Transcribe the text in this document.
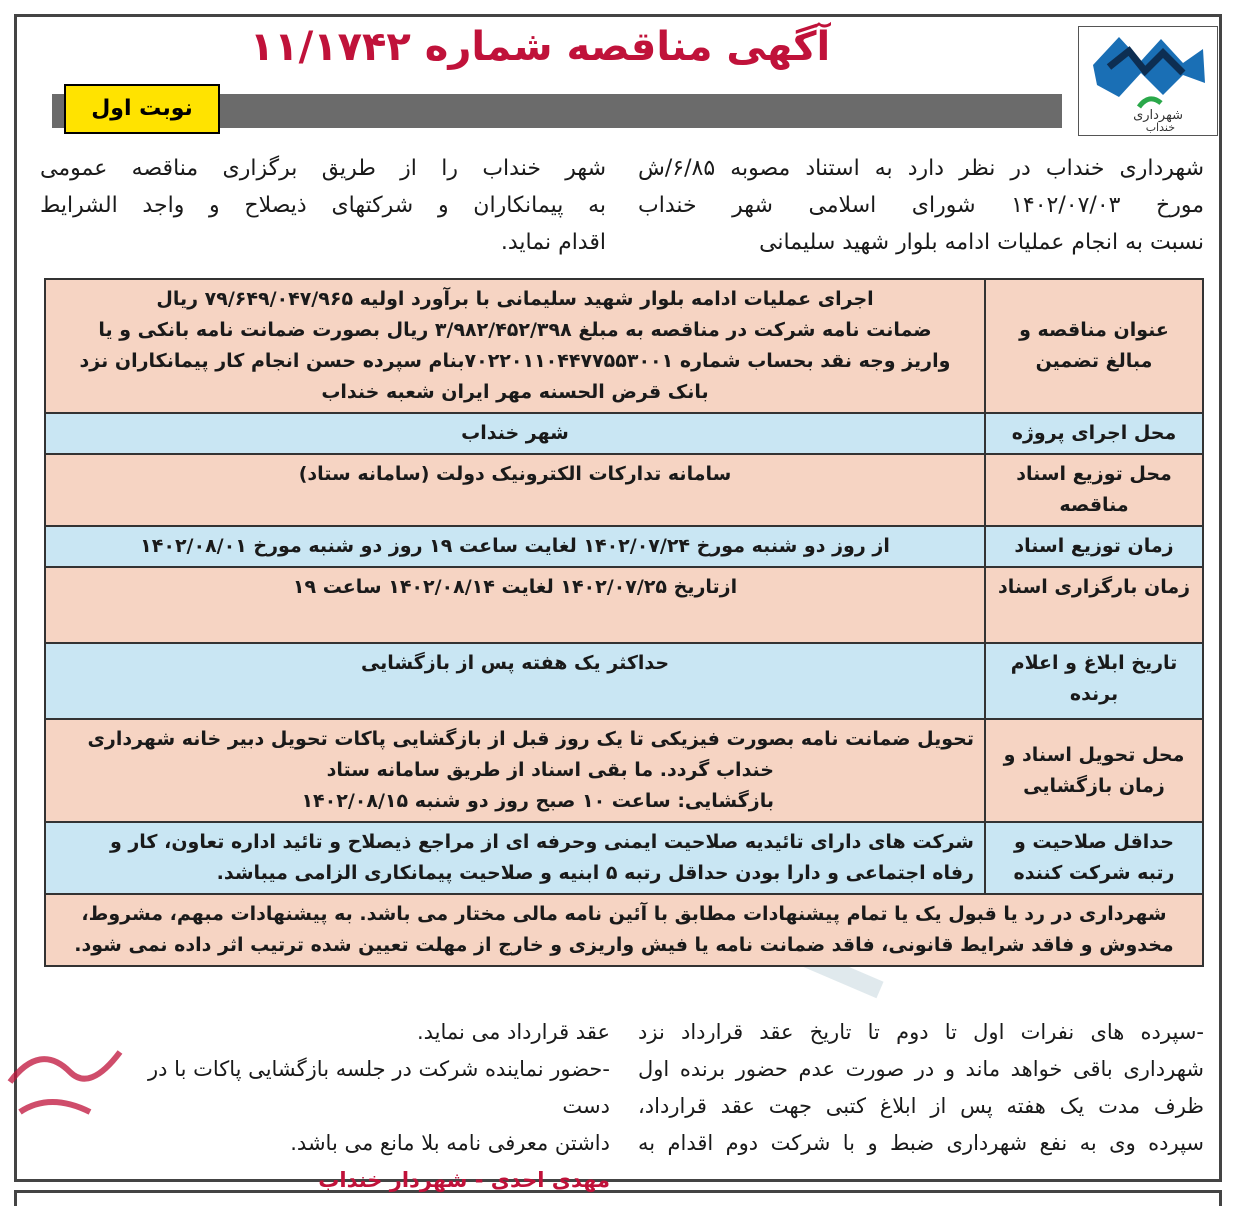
شهرداری
خنداب
آگهی مناقصه شماره ۱۱/۱۷۴۲
نوبت اول
شهرداری خنداب در نظر دارد به استناد مصوبه ۶/۸۵/ش
مورخ ۱۴۰۲/۰۷/۰۳ شورای اسلامی شهر خنداب
نسبت به انجام عملیات ادامه بلوار شهید سلیمانی
شهر خنداب را از طریق برگزاری مناقصه عمومی
به پیمانکاران و شرکتهای ذیصلاح و واجد الشرایط
اقدام نماید.
عنوان مناقصه و مبالغ تضمین	اجرای عملیات ادامه بلوار شهید سلیمانی با برآورد اولیه ۷۹/۶۴۹/۰۴۷/۹۶۵ ریال
ضمانت نامه شرکت در مناقصه به مبلغ ۳/۹۸۲/۴۵۲/۳۹۸ ریال بصورت ضمانت نامه بانکی و یا
واریز وجه نقد بحساب شماره ۷۰۲۲۰۱۱۰۴۴۷۷۵۵۳۰۰۱بنام سپرده حسن انجام کار پیمانکاران نزد
بانک قرض الحسنه مهر ایران شعبه خنداب

محل اجرای پروژه	شهر خنداب

محل توزیع اسناد مناقصه	سامانه تدارکات الکترونیک دولت (سامانه ستاد)

زمان توزیع اسناد	از روز دو شنبه مورخ ۱۴۰۲/۰۷/۲۴ لغایت ساعت ۱۹ روز دو شنبه مورخ ۱۴۰۲/۰۸/۰۱

زمان بارگزاری اسناد	ازتاریخ ۱۴۰۲/۰۷/۲۵ لغایت ۱۴۰۲/۰۸/۱۴ ساعت ۱۹

تاریخ ابلاغ و اعلام برنده	حداکثر یک هفته پس از بازگشایی

محل تحویل اسناد و زمان بازگشایی	تحویل ضمانت نامه بصورت فیزیکی تا یک روز قبل از بازگشایی پاکات تحویل دبیر خانه شهرداری
خنداب گردد. ما بقی اسناد از طریق سامانه ستاد
بازگشایی: ساعت ۱۰ صبح روز دو شنبه ۱۴۰۲/۰۸/۱۵

حداقل صلاحیت و رتبه شرکت کننده	شرکت های دارای تائیدیه صلاحیت ایمنی وحرفه ای از مراجع ذیصلاح و تائید اداره تعاون، کار و
رفاه اجتماعی و دارا بودن حداقل رتبه ۵ ابنیه و صلاحیت پیمانکاری الزامی میباشد.

شهرداری در رد یا قبول یک یا تمام پیشنهادات مطابق با آئین نامه مالی مختار می باشد. به پیشنهادات مبهم، مشروط،
مخدوش و فاقد شرایط قانونی، فاقد ضمانت نامه یا فیش واریزی و خارج از مهلت تعیین شده ترتیب اثر داده نمی شود.	
-سپرده های نفرات اول تا دوم تا تاریخ عقد قرارداد نزد
شهرداری باقی خواهد ماند و در صورت عدم حضور برنده اول
ظرف مدت یک هفته پس از ابلاغ کتبی جهت عقد قرارداد،
سپرده وی به نفع شهرداری ضبط و با شرکت دوم اقدام به
عقد قرارداد می نماید.
-حضور نماینده شرکت در جلسه بازگشایی پاکات با در دست
داشتن معرفی نامه بلا مانع می باشد.
مهدی احدی - شهردار خنداب
